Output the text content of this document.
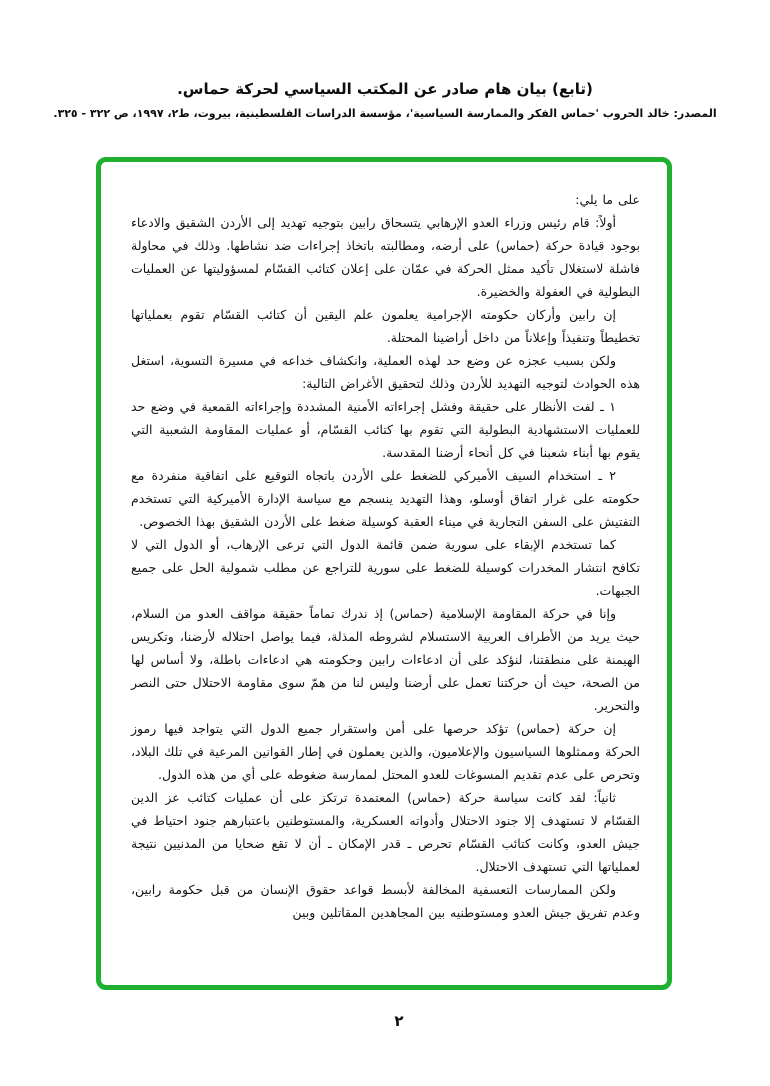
(تابع) بيان هام صادر عن المكتب السياسي لحركة حماس.
المصدر: خالد الحروب 'حماس الفكر والممارسة السياسية'، مؤسسة الدراسات الفلسطينية، بيروت، ط٢، ١٩٩٧، ص ٣٢٢ - ٣٢٥.

على ما يلي:

أولاً: قام رئيس وزراء العدو الإرهابي يتسحاق رابين بتوجيه تهديد إلى الأردن الشقيق والادعاء بوجود قيادة حركة (حماس) على أرضه، ومطالبته باتخاذ إجراءات ضد نشاطها. وذلك في محاولة فاشلة لاستغلال تأكيد ممثل الحركة في عمّان على إعلان كتائب القسّام لمسؤوليتها عن العمليات البطولية في العفولة والخضيرة.

إن رابين وأركان حكومته الإجرامية يعلمون علم اليقين أن كتائب القسّام تقوم بعملياتها تخطيطاً وتنفيذاً وإعلاناً من داخل أراضينا المحتلة.

ولكن بسبب عجزه عن وضع حد لهذه العملية، وانكشاف خداعه في مسيرة التسوية، استغل هذه الحوادث لتوجيه التهديد للأردن وذلك لتحقيق الأغراض التالية:

١ ـ لفت الأنظار على حقيقة وفشل إجراءاته الأمنية المشددة وإجراءاته القمعية في وضع حد للعمليات الاستشهادية البطولية التي تقوم بها كتائب القسّام، أو عمليات المقاومة الشعبية التي يقوم بها أبناء شعبنا في كل أنحاء أرضنا المقدسة.

٢ ـ استخدام السيف الأميركي للضغط على الأردن باتجاه التوقيع على اتفاقية منفردة مع حكومته على غرار اتفاق أوسلو، وهذا التهديد ينسجم مع سياسة الإدارة الأميركية التي تستخدم التفتيش على السفن التجارية في ميناء العقبة كوسيلة ضغط على الأردن الشقيق بهذا الخصوص.

كما تستخدم الإبقاء على سورية ضمن قائمة الدول التي ترعى الإرهاب، أو الدول التي لا تكافح انتشار المخدرات كوسيلة للضغط على سورية للتراجع عن مطلب شمولية الحل على جميع الجبهات.

وإنا في حركة المقاومة الإسلامية (حماس) إذ ندرك تماماً حقيقة مواقف العدو من السلام، حيث يريد من الأطراف العربية الاستسلام لشروطه المذلة، فيما يواصل احتلاله لأرضنا، وتكريس الهيمنة على منطقتنا، لنؤكد على أن ادعاءات رابين وحكومته هي ادعاءات باطلة، ولا أساس لها من الصحة، حيث أن حركتنا تعمل على أرضنا وليس لنا من همّ سوى مقاومة الاحتلال حتى النصر والتحرير.

إن حركة (حماس) تؤكد حرصها على أمن واستقرار جميع الدول التي يتواجد فيها رموز الحركة وممثلوها السياسيون والإعلاميون، والذين يعملون في إطار القوانين المرعية في تلك البلاد، وتحرص على عدم تقديم المسوغات للعدو المحتل لممارسة ضغوطه على أي من هذه الدول.

ثانياً: لقد كانت سياسة حركة (حماس) المعتمدة ترتكز على أن عمليات كتائب عز الدين القسّام لا تستهدف إلا جنود الاحتلال وأدواته العسكرية، والمستوطنين باعتبارهم جنود احتياط في جيش العدو، وكانت كتائب القسّام تحرص ـ قدر الإمكان ـ أن لا تقع ضحايا من المدنيين نتيجة لعملياتها التي تستهدف الاحتلال.

ولكن الممارسات التعسفية المخالفة لأبسط قواعد حقوق الإنسان من قبل حكومة رابين، وعدم تفريق جيش العدو ومستوطنيه بين المجاهدين المقاتلين وبين

٢
